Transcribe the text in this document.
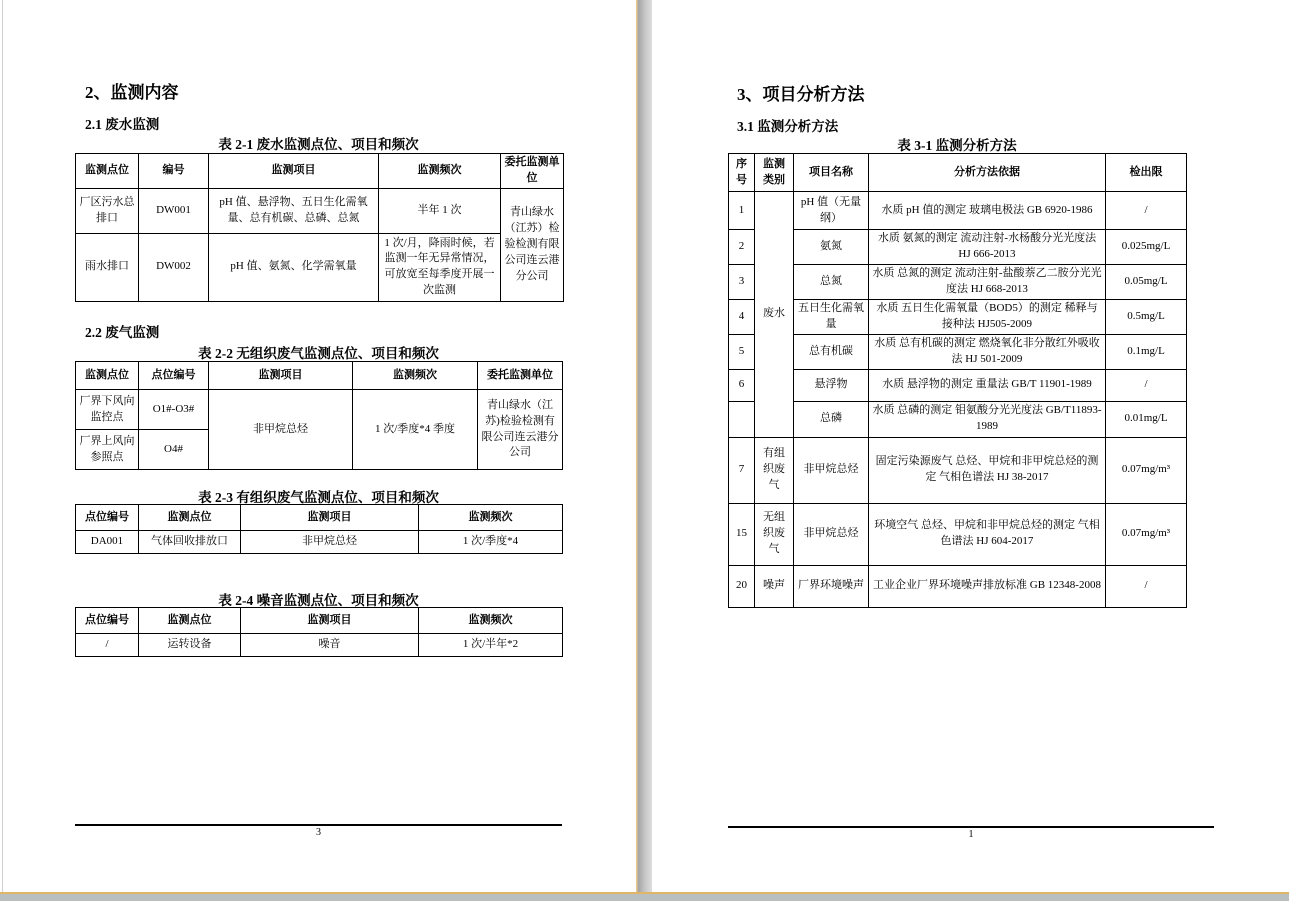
2、监测内容
2.1 废水监测
表 2-1 废水监测点位、项目和频次
监测点位	编号	监测项目	监测频次	委托监测单位
厂区污水总排口	DW001	pH 值、悬浮物、五日生化需氧量、总有机碳、总磷、总氮	半年 1 次	青山绿水（江苏）检验检测有限公司连云港分公司
雨水排口	DW002	pH 值、氨氮、化学需氧量	1 次/月，降雨时候，若监测一年无异常情况，可放宽至每季度开展一次监测	
2.2 废气监测
表 2-2 无组织废气监测点位、项目和频次
监测点位	点位编号	监测项目	监测频次	委托监测单位
厂界下风向监控点	O1#-O3#	非甲烷总烃	1 次/季度*4 季度	青山绿水（江苏)检验检测有限公司连云港分公司
厂界上风向参照点	O4#			
表 2-3 有组织废气监测点位、项目和频次
点位编号	监测点位	监测项目	监测频次
DA001	气体回收排放口	非甲烷总烃	1 次/季度*4
表 2-4 噪音监测点位、项目和频次
点位编号	监测点位	监测项目	监测频次
/	运转设备	噪音	1 次/半年*2
3
3、项目分析方法
3.1 监测分析方法
表 3-1 监测分析方法
序号	监测类别	项目名称	分析方法依据	检出限
1	废水	pH 值（无量纲）	水质 pH 值的测定 玻璃电极法 GB 6920-1986	/
2		氨氮	水质 氨氮的测定 流动注射-水杨酸分光光度法 HJ 666-2013	0.025mg/L
3		总氮	水质 总氮的测定 流动注射-盐酸萘乙二胺分光光度法 HJ 668-2013	0.05mg/L
4		五日生化需氧量	水质 五日生化需氧量（BOD5）的测定 稀释与接种法 HJ505-2009	0.5mg/L
5		总有机碳	水质 总有机碳的测定 燃烧氧化非分散红外吸收法 HJ 501-2009	0.1mg/L
6		悬浮物	水质 悬浮物的测定 重量法 GB/T 11901-1989	/
		总磷	水质 总磷的测定 钼氨酸分光光度法 GB/T11893-1989	0.01mg/L
7	有组织废气	非甲烷总烃	固定污染源废气 总烃、甲烷和非甲烷总烃的测定 气相色谱法 HJ 38-2017	0.07mg/m³
15	无组织废气	非甲烷总烃	环境空气 总烃、甲烷和非甲烷总烃的测定 气相色谱法 HJ 604-2017	0.07mg/m³
20	噪声	厂界环境噪声	工业企业厂界环境噪声排放标准 GB 12348-2008	/
1
